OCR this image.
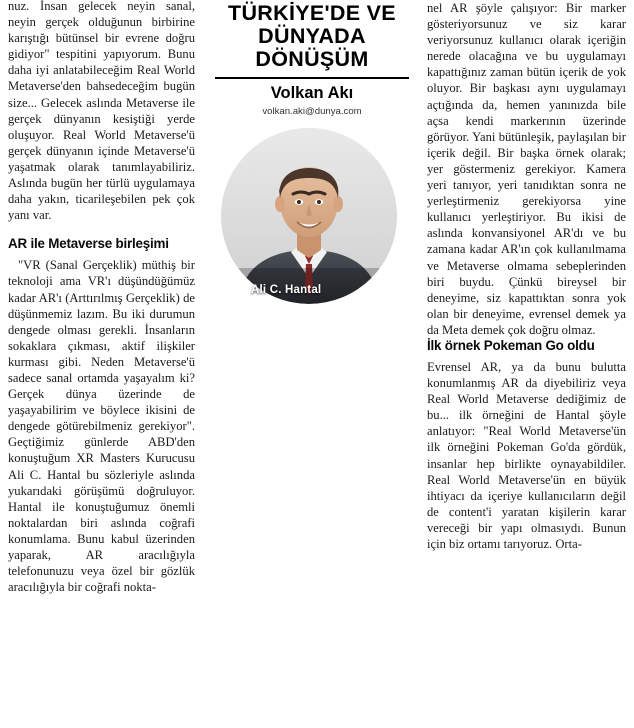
nuz. İnsan gelecek neyin sanal, neyin gerçek olduğunun birbirine karıştığı bütünsel bir evrene doğru gidiyor" tespitini yapıyorum. Bunu daha iyi anlatabileceğim Real World Metaverse'den bahsedeceğim bugün size... Gelecek aslında Metaverse ile gerçek dünyanın kesiştiği yerde oluşuyor. Real World Metaverse'ü gerçek dünyanın içinde Metaverse'ü yaşatmak olarak tanımlayabiliriz. Aslında bugün her türlü uygulamaya daha yakın, ticarileşebilen pek çok yanı var.

AR ile Metaverse birleşimi

"VR (Sanal Gerçeklik) müthiş bir teknoloji ama VR'ı düşündüğümüz kadar AR'ı (Arttırılmış Gerçeklik) de düşünmemiz lazım. Bu iki durumun dengede olması gerekli. İnsanların sokaklara çıkması, aktif ilişkiler kurması gibi. Neden Metaverse'ü sadece sanal ortamda yaşayalım ki? Gerçek dünya üzerinde de yaşayabilirim ve böylece ikisini de dengede götürebilmeniz gerekiyor". Geçtiğimiz günlerde ABD'den konuştuğum XR Masters Kurucusu Ali C. Hantal bu sözleriyle aslında yukarıdaki görüşümü doğruluyor. Hantal ile konuştuğumuz önemli noktalardan biri aslında coğrafi konumlama. Bunu kabul üzerinden yaparak, AR aracılığıyla telefonunuzu veya özel bir gözlük aracılığıyla bir coğrafi nokta-

TÜRKİYE'DE VE
DÜNYADA DÖNÜŞÜM
Volkan Akı
volkan.aki@dunya.com
Ali C. Hantal

nel AR şöyle çalışıyor: Bir marker gösteriyorsunuz ve siz karar veriyorsunuz kullanıcı olarak içeriğin nerede olacağına ve bu uygulamayı kapattığınız zaman bütün içerik de yok oluyor. Bir başkası aynı uygulamayı açtığında da, hemen yanınızda bile açsa kendi markerının üzerinde görüyor. Yani bütünleşik, paylaşılan bir içerik değil. Bir başka örnek olarak; yer göstermeniz gerekiyor. Kamera yeri tanıyor, yeri tanıdıktan sonra ne yerleştirmeniz gerekiyorsa yine kullanıcı yerleştiriyor. Bu ikisi de aslında konvansiyonel AR'dı ve bu zamana kadar AR'ın çok kullanılmama ve Metaverse olmama sebeplerinden biri buydu. Çünkü bireysel bir deneyime, siz kapattıktan sonra yok olan bir deneyime, evrensel demek ya da Meta demek çok doğru olmaz.

İlk örnek Pokeman Go oldu

Evrensel AR, ya da bunu bulutta konumlanmış AR da diyebiliriz veya Real World Metaverse dediğimiz de bu... ilk örneğini de Hantal şöyle anlatıyor: "Real World Metaverse'ün ilk örneğini Pokeman Go'da gördük, insanlar hep birlikte oynayabildiler. Real World Metaverse'ün en büyük ihtiyacı da içeriye kullanıcıların değil de content'i yaratan kişilerin karar vereceği bir yapı olmasıydı. Bunun için biz ortamı tarıyoruz. Orta-
